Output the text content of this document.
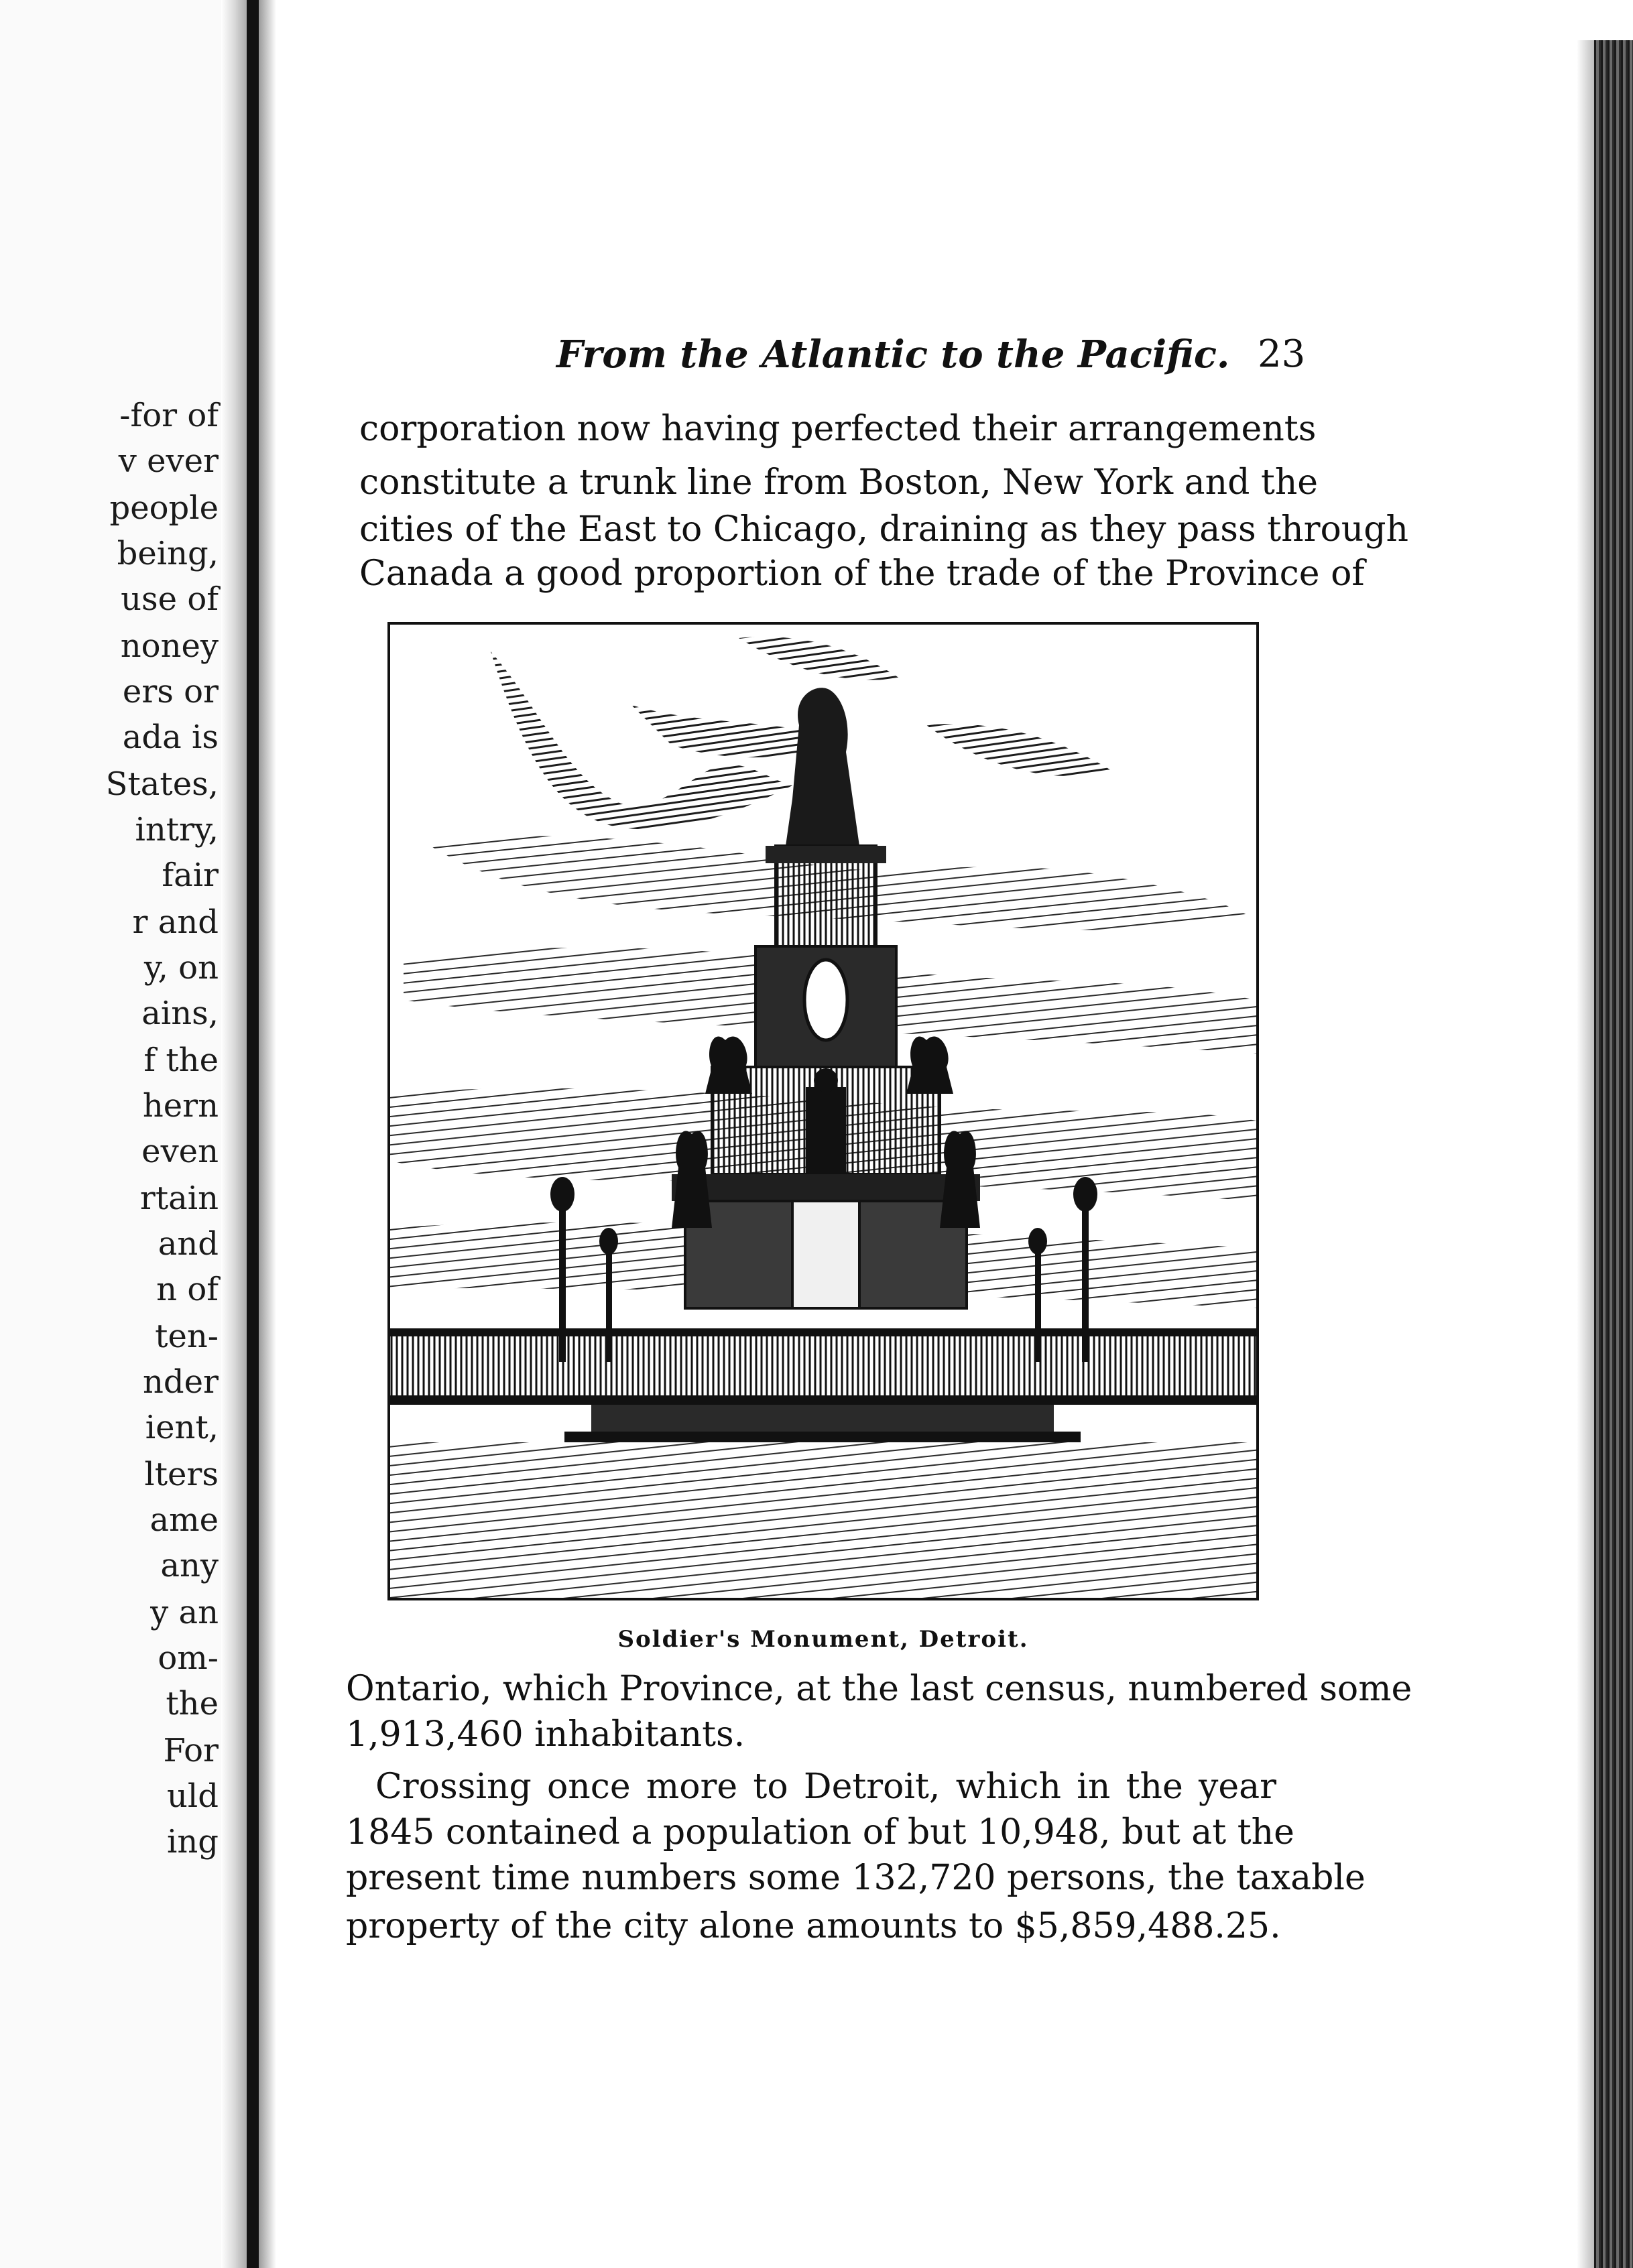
-for of
v ever
people
being,
use of
noney
ers or
ada is
States,
intry,
fair
r and
y, on
ains,
f the
hern
even
rtain
and
n of
ten-
nder
ient,
lters
ame
any
y an
om-
the
For
uld
ing
From the Atlantic to the Pacific. 23
corporation now having perfected their arrangements
constitute a trunk line from Boston, New York and the
cities of the East to Chicago, draining as they pass through
Canada a good proportion of the trade of the Province of
Soldier's Monument, Detroit.
Ontario, which Province, at the last census, numbered some
1,913,460 inhabitants.
Crossing once more to Detroit, which in the year
1845 contained a population of but 10,948, but at the
present time numbers some 132,720 persons, the taxable
property of the city alone amounts to $5,859,488.25.
